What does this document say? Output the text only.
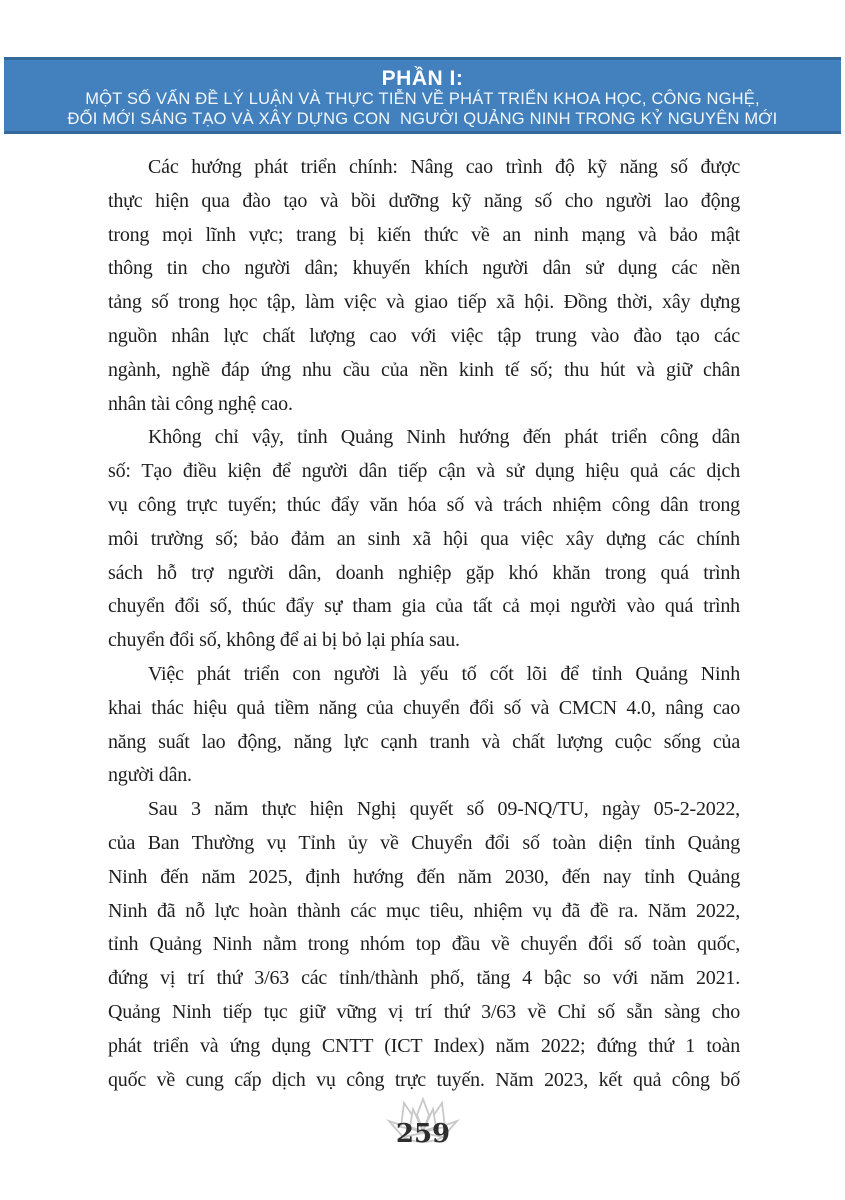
PHẦN I:
MỘT SỐ VẤN ĐỀ LÝ LUẬN VÀ THỰC TIỄN VỀ PHÁT TRIỂN KHOA HỌC, CÔNG NGHỆ,
ĐỔI MỚI SÁNG TẠO VÀ XÂY DỰNG CON  NGƯỜI QUẢNG NINH TRONG KỶ NGUYÊN MỚI
Các hướng phát triển chính: Nâng cao trình độ kỹ năng số được
thực hiện qua đào tạo và bồi dưỡng kỹ năng số cho người lao động
trong mọi lĩnh vực; trang bị kiến thức về an ninh mạng và bảo mật
thông tin cho người dân; khuyến khích người dân sử dụng các nền
tảng số trong học tập, làm việc và giao tiếp xã hội. Đồng thời, xây dựng
nguồn nhân lực chất lượng cao với việc tập trung vào đào tạo các
ngành, nghề đáp ứng nhu cầu của nền kinh tế số; thu hút và giữ chân
nhân tài công nghệ cao.
Không chỉ vậy, tỉnh Quảng Ninh hướng đến phát triển công dân
số: Tạo điều kiện để người dân tiếp cận và sử dụng hiệu quả các dịch
vụ công trực tuyến; thúc đẩy văn hóa số và trách nhiệm công dân trong
môi trường số; bảo đảm an sinh xã hội qua việc xây dựng các chính
sách hỗ trợ người dân, doanh nghiệp gặp khó khăn trong quá trình
chuyển đổi số, thúc đẩy sự tham gia của tất cả mọi người vào quá trình
chuyển đổi số, không để ai bị bỏ lại phía sau.
Việc phát triển con người là yếu tố cốt lõi để tỉnh Quảng Ninh
khai thác hiệu quả tiềm năng của chuyển đổi số và CMCN 4.0, nâng cao
năng suất lao động, năng lực cạnh tranh và chất lượng cuộc sống của
người dân.
Sau 3 năm thực hiện Nghị quyết số 09-NQ/TU, ngày 05-2-2022,
của Ban Thường vụ Tỉnh ủy về Chuyển đổi số toàn diện tỉnh Quảng
Ninh đến năm 2025, định hướng đến năm 2030, đến nay tỉnh Quảng
Ninh đã nỗ lực hoàn thành các mục tiêu, nhiệm vụ đã đề ra. Năm 2022,
tỉnh Quảng Ninh nằm trong nhóm top đầu về chuyển đổi số toàn quốc,
đứng vị trí thứ 3/63 các tỉnh/thành phố, tăng 4 bậc so với năm 2021.
Quảng Ninh tiếp tục giữ vững vị trí thứ 3/63 về Chỉ số sẵn sàng cho
phát triển và ứng dụng CNTT (ICT Index) năm 2022; đứng thứ 1 toàn
quốc về cung cấp dịch vụ công trực tuyến. Năm 2023, kết quả công bố
259
